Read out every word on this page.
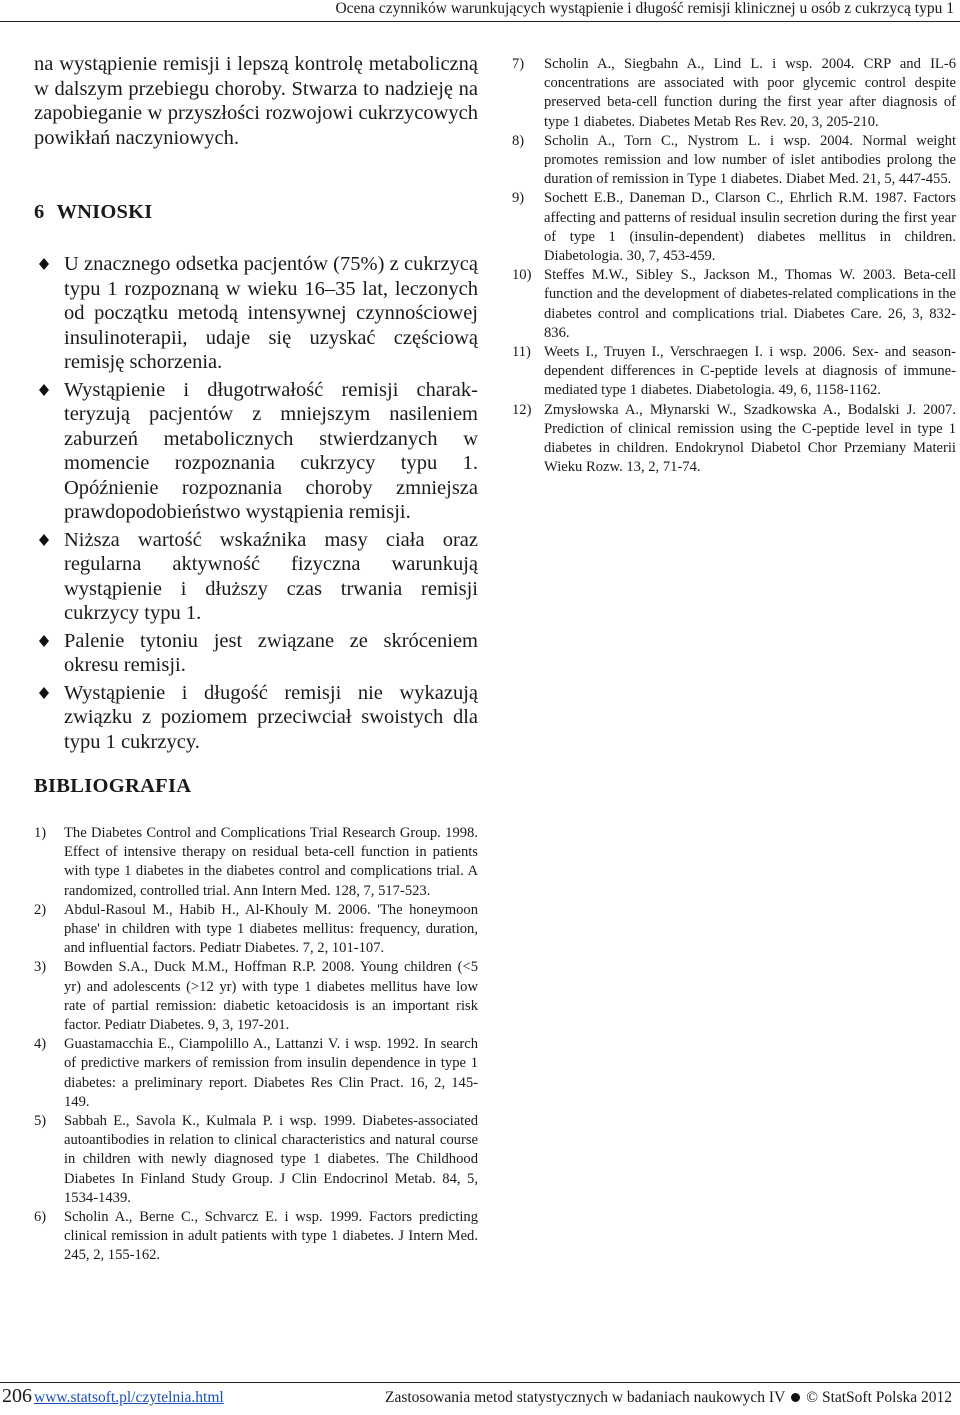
Ocena czynników warunkujących wystąpienie i długość remisji klinicznej u osób z cukrzycą typu 1

na wystąpienie remisji i lepszą kontrolę metaboliczną w dalszym przebiegu choroby. Stwarza to nadzieję na zapobieganie w przyszłości rozwojowi cukrzycowych powikłań naczyniowych.

6 WNIOSKI
U znacznego odsetka pacjentów (75%) z cukrzycą typu 1 rozpoznaną w wieku 16–35 lat, leczonych od początku metodą intensywnej czynnościowej insulinoterapii, udaje się uzyskać częściową remisję schorzenia.
Wystąpienie i długotrwałość remisji charakteryzują pacjentów z mniejszym nasileniem zaburzeń metabolicznych stwierdzanych w momencie rozpoznania cukrzycy typu 1. Opóźnienie rozpoznania choroby zmniejsza prawdopodobieństwo wystąpienia remisji.
Niższa wartość wskaźnika masy ciała oraz regularna aktywność fizyczna warunkują wystąpienie i dłuższy czas trwania remisji cukrzycy typu 1.
Palenie tytoniu jest związane ze skróceniem okresu remisji.
Wystąpienie i długość remisji nie wykazują związku z poziomem przeciwciał swoistych dla typu 1 cukrzycy.
BIBLIOGRAFIA
1) The Diabetes Control and Complications Trial Research Group. 1998. Effect of intensive therapy on residual beta-cell function in patients with type 1 diabetes in the diabetes control and complications trial. A randomized, controlled trial. Ann Intern Med. 128, 7, 517-523.
2) Abdul-Rasoul M., Habib H., Al-Khouly M. 2006. 'The honeymoon phase' in children with type 1 diabetes mellitus: frequency, duration, and influential factors. Pediatr Diabetes. 7, 2, 101-107.
3) Bowden S.A., Duck M.M., Hoffman R.P. 2008. Young children (<5 yr) and adolescents (>12 yr) with type 1 diabetes mellitus have low rate of partial remission: diabetic ketoacidosis is an important risk factor. Pediatr Diabetes. 9, 3, 197-201.
4) Guastamacchia E., Ciampolillo A., Lattanzi V. i wsp. 1992. In search of predictive markers of remission from insulin dependence in type 1 diabetes: a preliminary report. Diabetes Res Clin Pract. 16, 2, 145-149.
5) Sabbah E., Savola K., Kulmala P. i wsp. 1999. Diabetes-associated autoantibodies in relation to clinical characteristics and natural course in children with newly diagnosed type 1 diabetes. The Childhood Diabetes In Finland Study Group. J Clin Endocrinol Metab. 84, 5, 1534-1439.
6) Scholin A., Berne C., Schvarcz E. i wsp. 1999. Factors predicting clinical remission in adult patients with type 1 diabetes. J Intern Med. 245, 2, 155-162.
7) Scholin A., Siegbahn A., Lind L. i wsp. 2004. CRP and IL-6 concentrations are associated with poor glycemic control despite preserved beta-cell function during the first year after diagnosis of type 1 diabetes. Diabetes Metab Res Rev. 20, 3, 205-210.
8) Scholin A., Torn C., Nystrom L. i wsp. 2004. Normal weight promotes remission and low number of islet antibodies prolong the duration of remission in Type 1 diabetes. Diabet Med. 21, 5, 447-455.
9) Sochett E.B., Daneman D., Clarson C., Ehrlich R.M. 1987. Factors affecting and patterns of residual insulin secretion during the first year of type 1 (insulin-dependent) diabetes mellitus in children. Diabetologia. 30, 7, 453-459.
10) Steffes M.W., Sibley S., Jackson M., Thomas W. 2003. Beta-cell function and the development of diabetes-related complications in the diabetes control and complications trial. Diabetes Care. 26, 3, 832-836.
11) Weets I., Truyen I., Verschraegen I. i wsp. 2006. Sex- and season-dependent differences in C-peptide levels at diagnosis of immune-mediated type 1 diabetes. Diabetologia. 49, 6, 1158-1162.
12) Zmysłowska A., Młynarski W., Szadkowska A., Bodalski J. 2007. Prediction of clinical remission using the C-peptide level in type 1 diabetes in children. Endokrynol Diabetol Chor Przemiany Materii Wieku Rozw. 13, 2, 71-74.
206 www.statsoft.pl/czytelnia.html	Zastosowania metod statystycznych w badaniach naukowych IV © StatSoft Polska 2012
